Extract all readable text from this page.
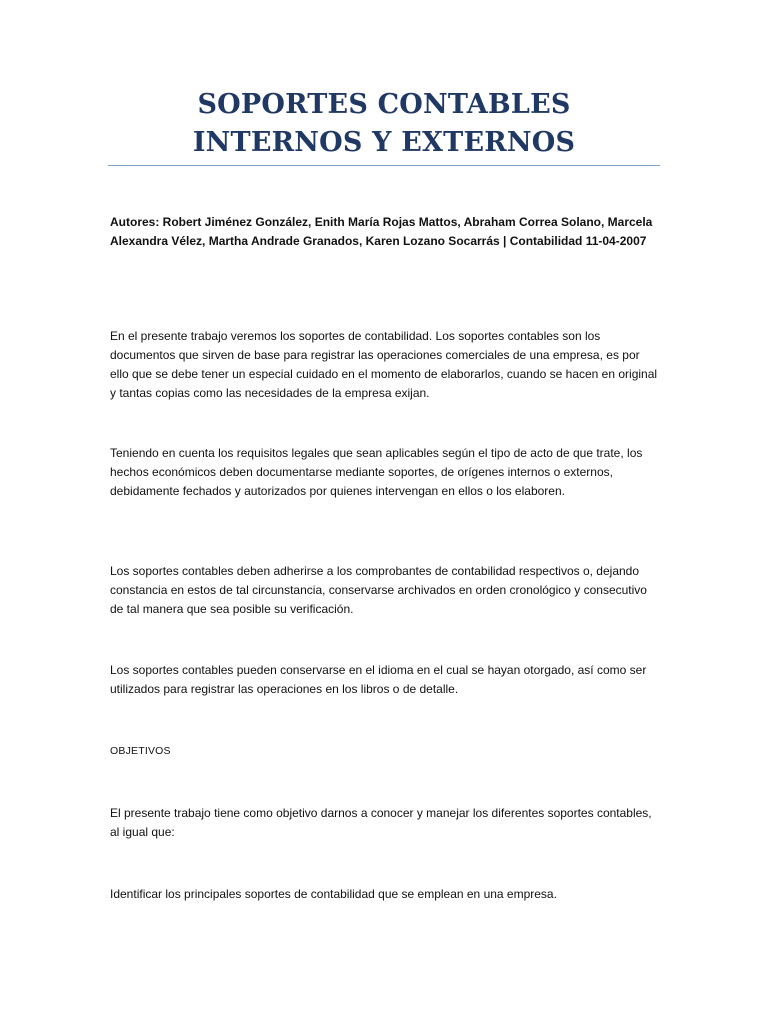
SOPORTES CONTABLES INTERNOS Y EXTERNOS

Autores: Robert Jiménez González, Enith María Rojas Mattos, Abraham Correa Solano, Marcela Alexandra Vélez, Martha Andrade Granados, Karen Lozano Socarrás | Contabilidad 11-04-2007

En el presente trabajo veremos los soportes de contabilidad. Los soportes contables son los documentos que sirven de base para registrar las operaciones comerciales de una empresa, es por ello que se debe tener un especial cuidado en el momento de elaborarlos, cuando se hacen en original y tantas copias como las necesidades de la empresa exijan.

Teniendo en cuenta los requisitos legales que sean aplicables según el tipo de acto de que trate, los hechos económicos deben documentarse mediante soportes, de orígenes internos o externos, debidamente fechados y autorizados por quienes intervengan en ellos o los elaboren.

Los soportes contables deben adherirse a los comprobantes de contabilidad respectivos o, dejando constancia en estos de tal circunstancia, conservarse archivados en orden cronológico y consecutivo de tal manera que sea posible su verificación.

Los soportes contables pueden conservarse en el idioma en el cual se hayan otorgado, así como ser utilizados para registrar las operaciones en los libros o de detalle.

OBJETIVOS

El presente trabajo tiene como objetivo darnos a conocer y manejar los diferentes soportes contables, al igual que:

Identificar los principales soportes de contabilidad que se emplean en una empresa.
